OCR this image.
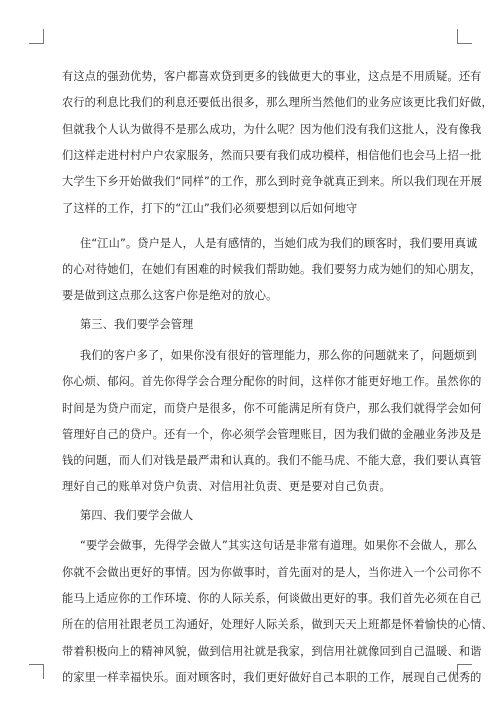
有这点的强劲优势，客户都喜欢贷到更多的钱做更大的事业，这点是不用质疑。还有
农行的利息比我们的利息还要低出很多，那么理所当然他们的业务应该更比我们好做，
但就我个人认为做得不是那么成功，为什么呢？因为他们没有我们这批人，没有像我
们这样走进村村户户农家服务，然而只要有我们成功模样，相信他们也会马上招一批
大学生下乡开始做我们“同样”的工作，那么到时竞争就真正到来。所以我们现在开展
了这样的工作，打下的“江山”我们必须要想到以后如何地守
住“江山”。贷户是人，人是有感情的，当她们成为我们的顾客时，我们要用真诚
的心对待她们，在她们有困难的时候我们帮助她。我们要努力成为她们的知心朋友，
要是做到这点那么这客户你是绝对的放心。
第三、我们要学会管理
我们的客户多了，如果你没有很好的管理能力，那么你的问题就来了，问题烦到
你心烦、郁闷。首先你得学会合理分配你的时间，这样你才能更好地工作。虽然你的
时间是为贷户而定，而贷户是很多，你不可能满足所有贷户，那么我们就得学会如何
管理好自己的贷户。还有一个，你必须学会管理账目，因为我们做的金融业务涉及是
钱的问题，而人们对钱是最严肃和认真的。我们不能马虎、不能大意，我们要认真管
理好自己的账单对贷户负责、对信用社负责、更是要对自己负责。
第四、我们要学会做人
“要学会做事，先得学会做人”其实这句话是非常有道理。如果你不会做人，那么
你就不会做出更好的事情。因为你做事时，首先面对的是人，当你进入一个公司你不
能马上适应你的工作环境、你的人际关系，何谈做出更好的事。我们首先必须在自己
所在的信用社跟老员工沟通好，处理好人际关系，做到天天上班都是怀着愉快的心情、
带着积极向上的精神风貌，做到信用社就是我家，到信用社就像回到自己温暖、和谐
的家里一样幸福快乐。面对顾客时，我们更好做好自己本职的工作，展现自己优秀的
